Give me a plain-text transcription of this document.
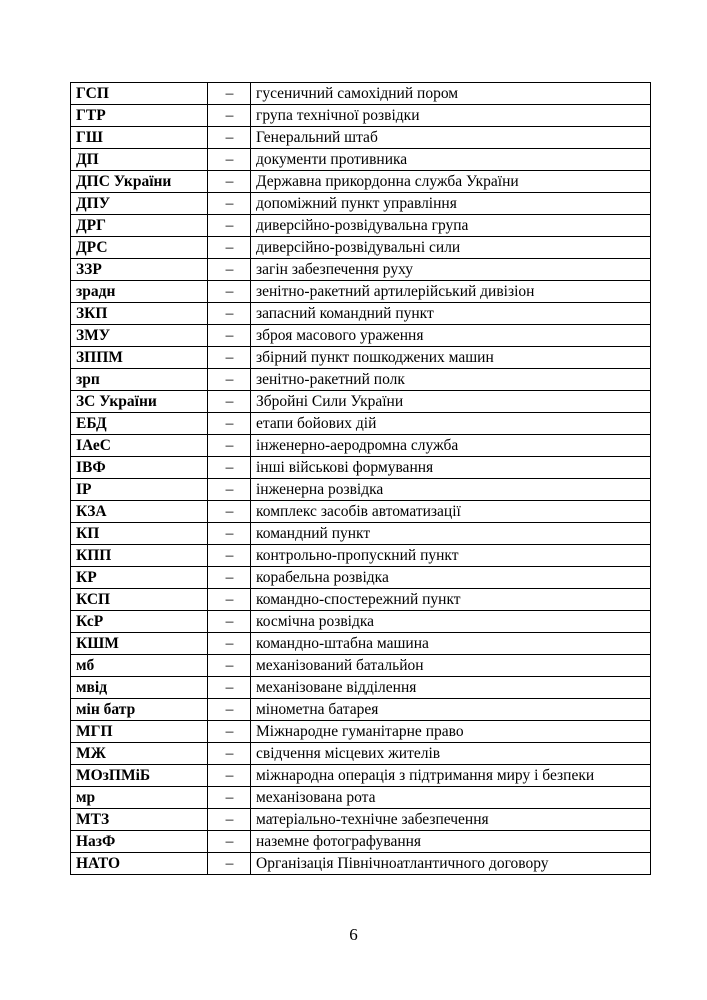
ГСП	–	гусеничний самохідний пором
ГТР	–	група технічної розвідки
ГШ	–	Генеральний штаб
ДП	–	документи противника
ДПС України	–	Державна прикордонна служба України
ДПУ	–	допоміжний пункт управління
ДРГ	–	диверсійно-розвідувальна група
ДРС	–	диверсійно-розвідувальні сили
ЗЗР	–	загін забезпечення руху
зрадн	–	зенітно-ракетний артилерійський дивізіон
ЗКП	–	запасний командний пункт
ЗМУ	–	зброя масового ураження
ЗППМ	–	збірний пункт пошкоджених машин
зрп	–	зенітно-ракетний полк
ЗС України	–	Збройні Сили України
ЕБД	–	етапи бойових дій
ІАеС	–	інженерно-аеродромна служба
ІВФ	–	інші військові формування
ІР	–	інженерна розвідка
КЗА	–	комплекс засобів автоматизації
КП	–	командний пункт
КПП	–	контрольно-пропускний пункт
КР	–	корабельна розвідка
КСП	–	командно-спостережний пункт
КсР	–	космічна розвідка
КШМ	–	командно-штабна машина
мб	–	механізований батальйон
мвід	–	механізоване відділення
мін батр	–	мінометна батарея
МГП	–	Міжнародне гуманітарне право
МЖ	–	свідчення місцевих жителів
МОзПМіБ	–	міжнародна операція з підтримання миру і безпеки
мр	–	механізована рота
МТЗ	–	матеріально-технічне забезпечення
НазФ	–	наземне фотографування
НАТО	–	Організація Північноатлантичного договору
6
